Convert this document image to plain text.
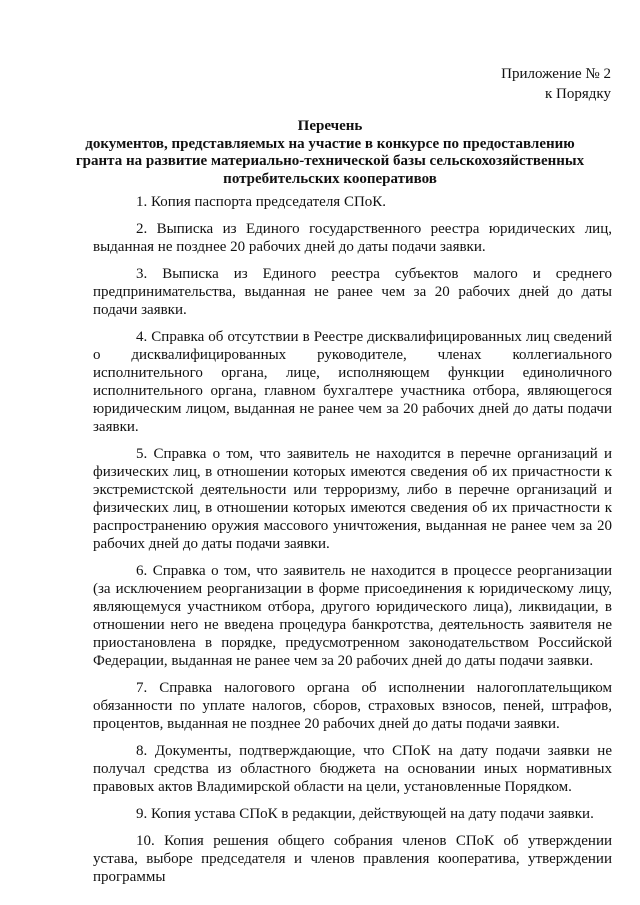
Приложение № 2
к Порядку
Перечень
документов, представляемых на участие в конкурсе по предоставлению
гранта на развитие материально-технической базы сельскохозяйственных
потребительских кооперативов

1. Копия паспорта председателя СПоК.

2. Выписка из Единого государственного реестра юридических лиц, выданная не позднее 20 рабочих дней до даты подачи заявки.

3. Выписка из Единого реестра субъектов малого и среднего предпринимательства, выданная не ранее чем за 20 рабочих дней до даты подачи заявки.

4. Справка об отсутствии в Реестре дисквалифицированных лиц сведений о дисквалифицированных руководителе, членах коллегиального исполнительного органа, лице, исполняющем функции единоличного исполнительного органа, главном бухгалтере участника отбора, являющегося юридическим лицом, выданная не ранее чем за 20 рабочих дней до даты подачи заявки.

5. Справка о том, что заявитель не находится в перечне организаций и физических лиц, в отношении которых имеются сведения об их причастности к экстремистской деятельности или терроризму, либо в перечне организаций и физических лиц, в отношении которых имеются сведения об их причастности к распространению оружия массового уничтожения, выданная не ранее чем за 20 рабочих дней до даты подачи заявки.

6. Справка о том, что заявитель не находится в процессе реорганизации (за исключением реорганизации в форме присоединения к юридическому лицу, являющемуся участником отбора, другого юридического лица), ликвидации, в отношении него не введена процедура банкротства, деятельность заявителя не приостановлена в порядке, предусмотренном законодательством Российской Федерации, выданная не ранее чем за 20 рабочих дней до даты подачи заявки.

7. Справка налогового органа об исполнении налогоплательщиком обязанности по уплате налогов, сборов, страховых взносов, пеней, штрафов, процентов, выданная не позднее 20 рабочих дней до даты подачи заявки.

8. Документы, подтверждающие, что СПоК на дату подачи заявки не получал средства из областного бюджета на основании иных нормативных правовых актов Владимирской области на цели, установленные Порядком.

9. Копия устава СПоК в редакции, действующей на дату подачи заявки.

10. Копия решения общего собрания членов СПоК об утверждении устава, выборе председателя и членов правления кооператива, утверждении программы
